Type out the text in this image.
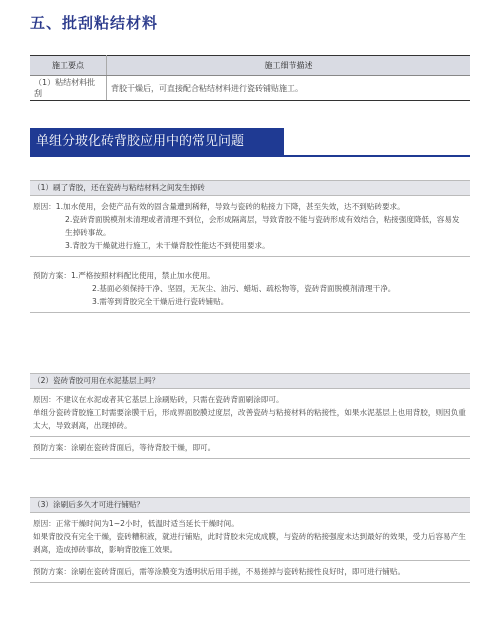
五、批刮粘结材料
施工要点	施工细节描述
（1）粘结材料批刮	背胶干燥后，可直接配合粘结材料进行瓷砖铺贴施工。
单组分玻化砖背胶应用中的常见问题
（1）刷了背胶，还在瓷砖与粘结材料之间发生掉砖

原因：1.加水使用，会使产品有效的固含量遭到稀释，导致与瓷砖的粘接力下降，甚至失效，达不到贴砖要求。

2.瓷砖背面脱模剂未清理或者清理不到位，会形成隔离层，导致背胶不能与瓷砖形成有效结合，粘接强度降低，容易发生掉砖事故。

3.背胶为干燥就进行施工，未干燥背胶性能达不到使用要求。

预防方案：1.严格按照材料配比使用，禁止加水使用。

2.基面必须保持干净、坚固，无灰尘、油污、蜡垢、疏松物等，瓷砖背面脱模剂清理干净。

3.需等到背胶完全干燥后进行瓷砖铺贴。

（2）瓷砖背胶可用在水泥基层上吗？

原因：不建议在水泥或者其它基层上涂刷贴砖，只需在瓷砖背面刷涂即可。

单组分瓷砖背胶施工时需要涂膜干后，形成界面胶膜过度层，改善瓷砖与粘接材料的粘接性，如果水泥基层上也用背胶，则因负重太大，导致剥离，出现掉砖。

预防方案：涂刷在瓷砖背面后，等待背胶干燥，即可。

（3）涂刷后多久才可进行铺贴？

原因：正常干燥时间为1~2小时，低温时适当延长干燥时间。

如果背胶没有完全干燥，瓷砖糟积液，就进行铺贴，此时背胶未完成成膜，与瓷砖的粘接强度未达到最好的效果，受力后容易产生剥离，造成掉砖事故，影响背胶施工效果。

预防方案：涂刷在瓷砖背面后，需等涂膜变为透明状后用手搓，不易搓掉与瓷砖粘接性良好时，即可进行铺贴。
